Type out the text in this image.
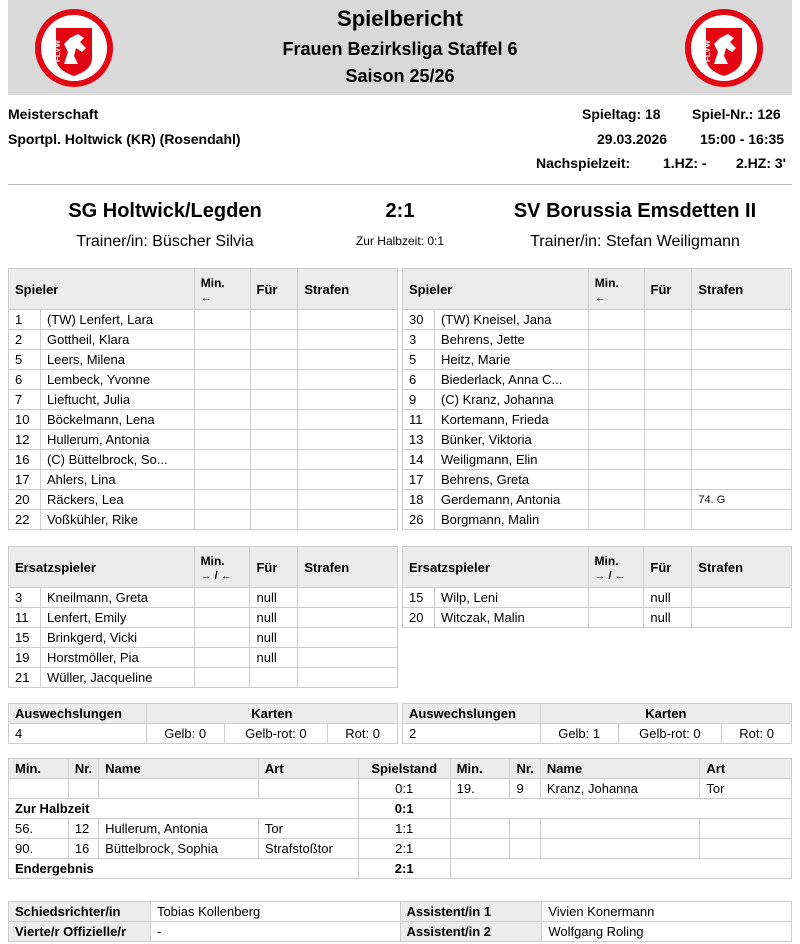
FLVW
Spielbericht
Frauen Bezirksliga Staffel 6
Saison 25/26
FLVW
Meisterschaft
Sportpl. Holtwick (KR) (Rosendahl)
Spieltag: 18 Spiel-Nr.: 126
29.03.2026 15:00 - 16:35
Nachspielzeit: 1.HZ: - 2.HZ: 3'
SG Holtwick/Legden	2:1	SV Borussia Emsdetten II
Trainer/in: Büscher Silvia	Zur Halbzeit: 0:1	Trainer/in: Stefan Weiligmann
Spieler		Min.
←	Für	Strafen
1	(TW) Lenfert, Lara			
2	Gottheil, Klara			
5	Leers, Milena			
6	Lembeck, Yvonne			
7	Lieftucht, Julia			
10	Böckelmann, Lena			
12	Hullerum, Antonia			
16	(C) Büttelbrock, So...			
17	Ahlers, Lina			
20	Räckers, Lea			
22	Voßkühler, Rike			
Spieler		Min.
←	Für	Strafen
30	(TW) Kneisel, Jana			
3	Behrens, Jette			
5	Heitz, Marie			
6	Biederlack, Anna C...			
9	(C) Kranz, Johanna			
11	Kortemann, Frieda			
13	Bünker, Viktoria			
14	Weiligmann, Elin			
17	Behrens, Greta			
18	Gerdemann, Antonia			74. G
26	Borgmann, Malin			
Ersatzspieler		Min.
→ / ←	Für	Strafen
3	Kneilmann, Greta		null	
11	Lenfert, Emily		null	
15	Brinkgerd, Vicki		null	
19	Horstmöller, Pia		null	
21	Wüller, Jacqueline			
Ersatzspieler		Min.
→ / ←	Für	Strafen
15	Wilp, Leni		null	
20	Witczak, Malin		null	
Auswechslungen	Karten		
4	Gelb: 0	Gelb-rot: 0	Rot: 0
Auswechslungen	Karten		
2	Gelb: 1	Gelb-rot: 0	Rot: 0
Min.	Nr.	Name	Art	Spielstand	Min.	Nr.	Name	Art
				0:1	19.	9	Kranz, Johanna	Tor
Zur Halbzeit				0:1				
56.	12	Hullerum, Antonia	Tor	1:1				
90.	16	Büttelbrock, Sophia	Strafstoßtor	2:1				
Endergebnis				2:1				
Schiedsrichter/in	Tobias Kollenberg	Assistent/in 1	Vivien Konermann
Vierte/r Offizielle/r	-	Assistent/in 2	Wolfgang Roling
